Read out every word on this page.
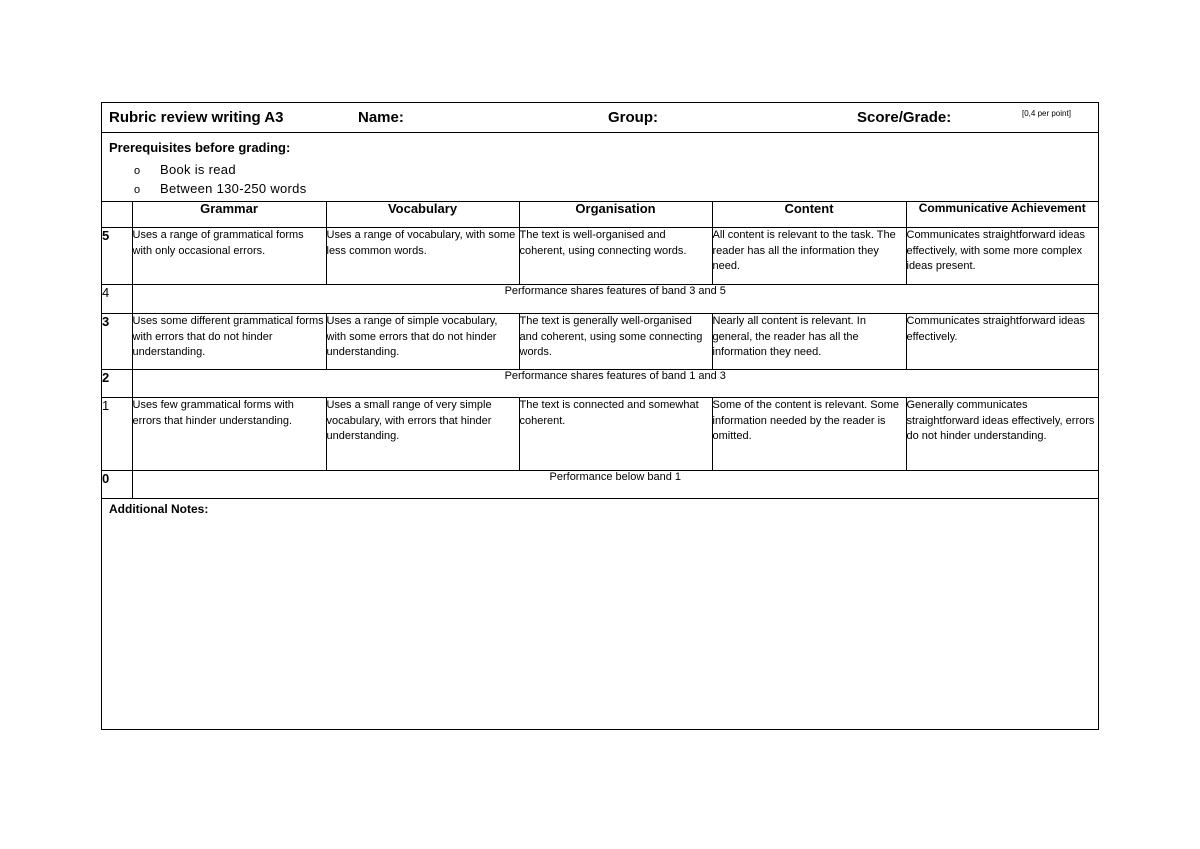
Rubric review writing A3	Name:	Group:	Score/Grade:	[0,4 per point]
Prerequisites before grading:
o Book is read
o Between 130-250 words
	Grammar	Vocabulary	Organisation	Content	Communicative Achievement
5	Uses a range of grammatical forms with only occasional errors.	Uses a range of vocabulary, with some less common words.	The text is well-organised and coherent, using connecting words.	All content is relevant to the task. The reader has all the information they need.	Communicates straightforward ideas effectively, with some more complex ideas present.
4	Performance shares features of band 3 and 5				
3	Uses some different grammatical forms with errors that do not hinder understanding.	Uses a range of simple vocabulary, with some errors that do not hinder understanding.	The text is generally well-organised and coherent, using some connecting words.	Nearly all content is relevant. In general, the reader has all the information they need.	Communicates straightforward ideas effectively.
2	Performance shares features of band 1 and 3				
1	Uses few grammatical forms with errors that hinder understanding.	Uses a small range of very simple vocabulary, with errors that hinder understanding.	The text is connected and somewhat coherent.	Some of the content is relevant. Some information needed by the reader is omitted.	Generally communicates straightforward ideas effectively, errors do not hinder understanding.
0	Performance below band 1				
Additional Notes:
